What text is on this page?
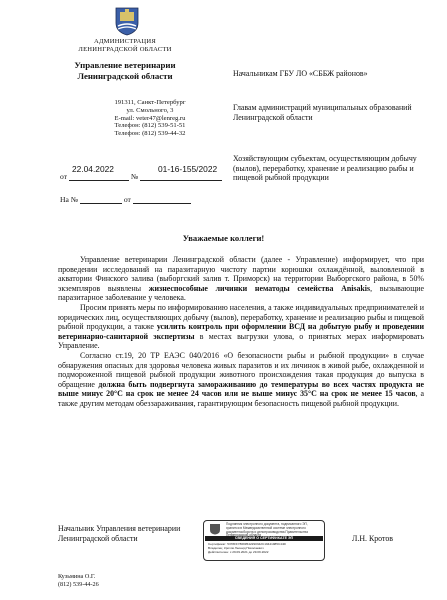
АДМИНИСТРАЦИЯ
ЛЕНИНГРАДСКОЙ ОБЛАСТИ
Управление ветеринарии
Ленинградской области
191311, Санкт-Петербург
ул. Смольного, 3
E-mail: veter47@lenreg.ru
Телефон: (812) 539-51-51
Телефон: (812) 539-44-32
от	№
22.04.2022	01-16-155/2022
На №	от
Начальникам ГБУ ЛО «СББЖ районов»
Главам администраций муниципальных образований Ленинградской области
Хозяйствующим субъектам, осуществляющим добычу (вылов), переработку, хранение и реализацию рыбы и пищевой рыбной продукции
Уважаемые коллеги!

Управление ветеринарии Ленинградской области (далее - Управление) информирует, что при проведении исследований на паразитарную чистоту партии корюшки охлаждённой, выловленной в акватории Финского залива (выборгский залив т. Приморск) на территории Выборгского района, в 50% экземпляров выявлены жизнеспособные личинки нематоды семейства Anisakis, вызывающие паразитарное заболевание у человека.

Просим принять меры по информированию населения, а также индивидуальных предпринимателей и юридических лиц, осуществляющих добычу (вылов), переработку, хранение и реализацию рыбы и пищевой рыбной продукции, а также усилить контроль при оформлении ВСД на добытую рыбу и проведении ветеринарно-санитарной экспертизы в местах выгрузки улова, о принятых мерах информировать Управление.

Согласно ст.19, 20 ТР ЕАЭС 040/2016 «О безопасности рыбы и рыбной продукции» в случае обнаружения опасных для здоровья человека живых паразитов и их личинок в живой рыбе, охлажденной и подмороженной пищевой рыбной продукции животного происхождения такая продукция до выпуска в обращение должна быть подвергнута замораживанию до температуры во всех частях продукта не выше минус 20°C на срок не менее 24 часов или не выше минус 35°C на срок не менее 15 часов, а также другим методам обеззараживания, гарантирующим безопасность пищевой рыбной продукции.

Начальник Управления ветеринарии
Ленинградской области	Л.Н. Кротов
Подлинник электронного документа, подписанного ЭП, хранится в Межведомственной системе электронного документооборота и делопроизводства Правительства
СВЕДЕНИЯ О СЕРТИФИКАТЕ ЭП
Сертификат: 5378FF78699542290342C19441985C44D
Владелец: Кротов Леонид Николаевич
Действителен: с 29.09.2021 до 29.09.2022
Кузьмина О.Г.
(812) 539-44-26
